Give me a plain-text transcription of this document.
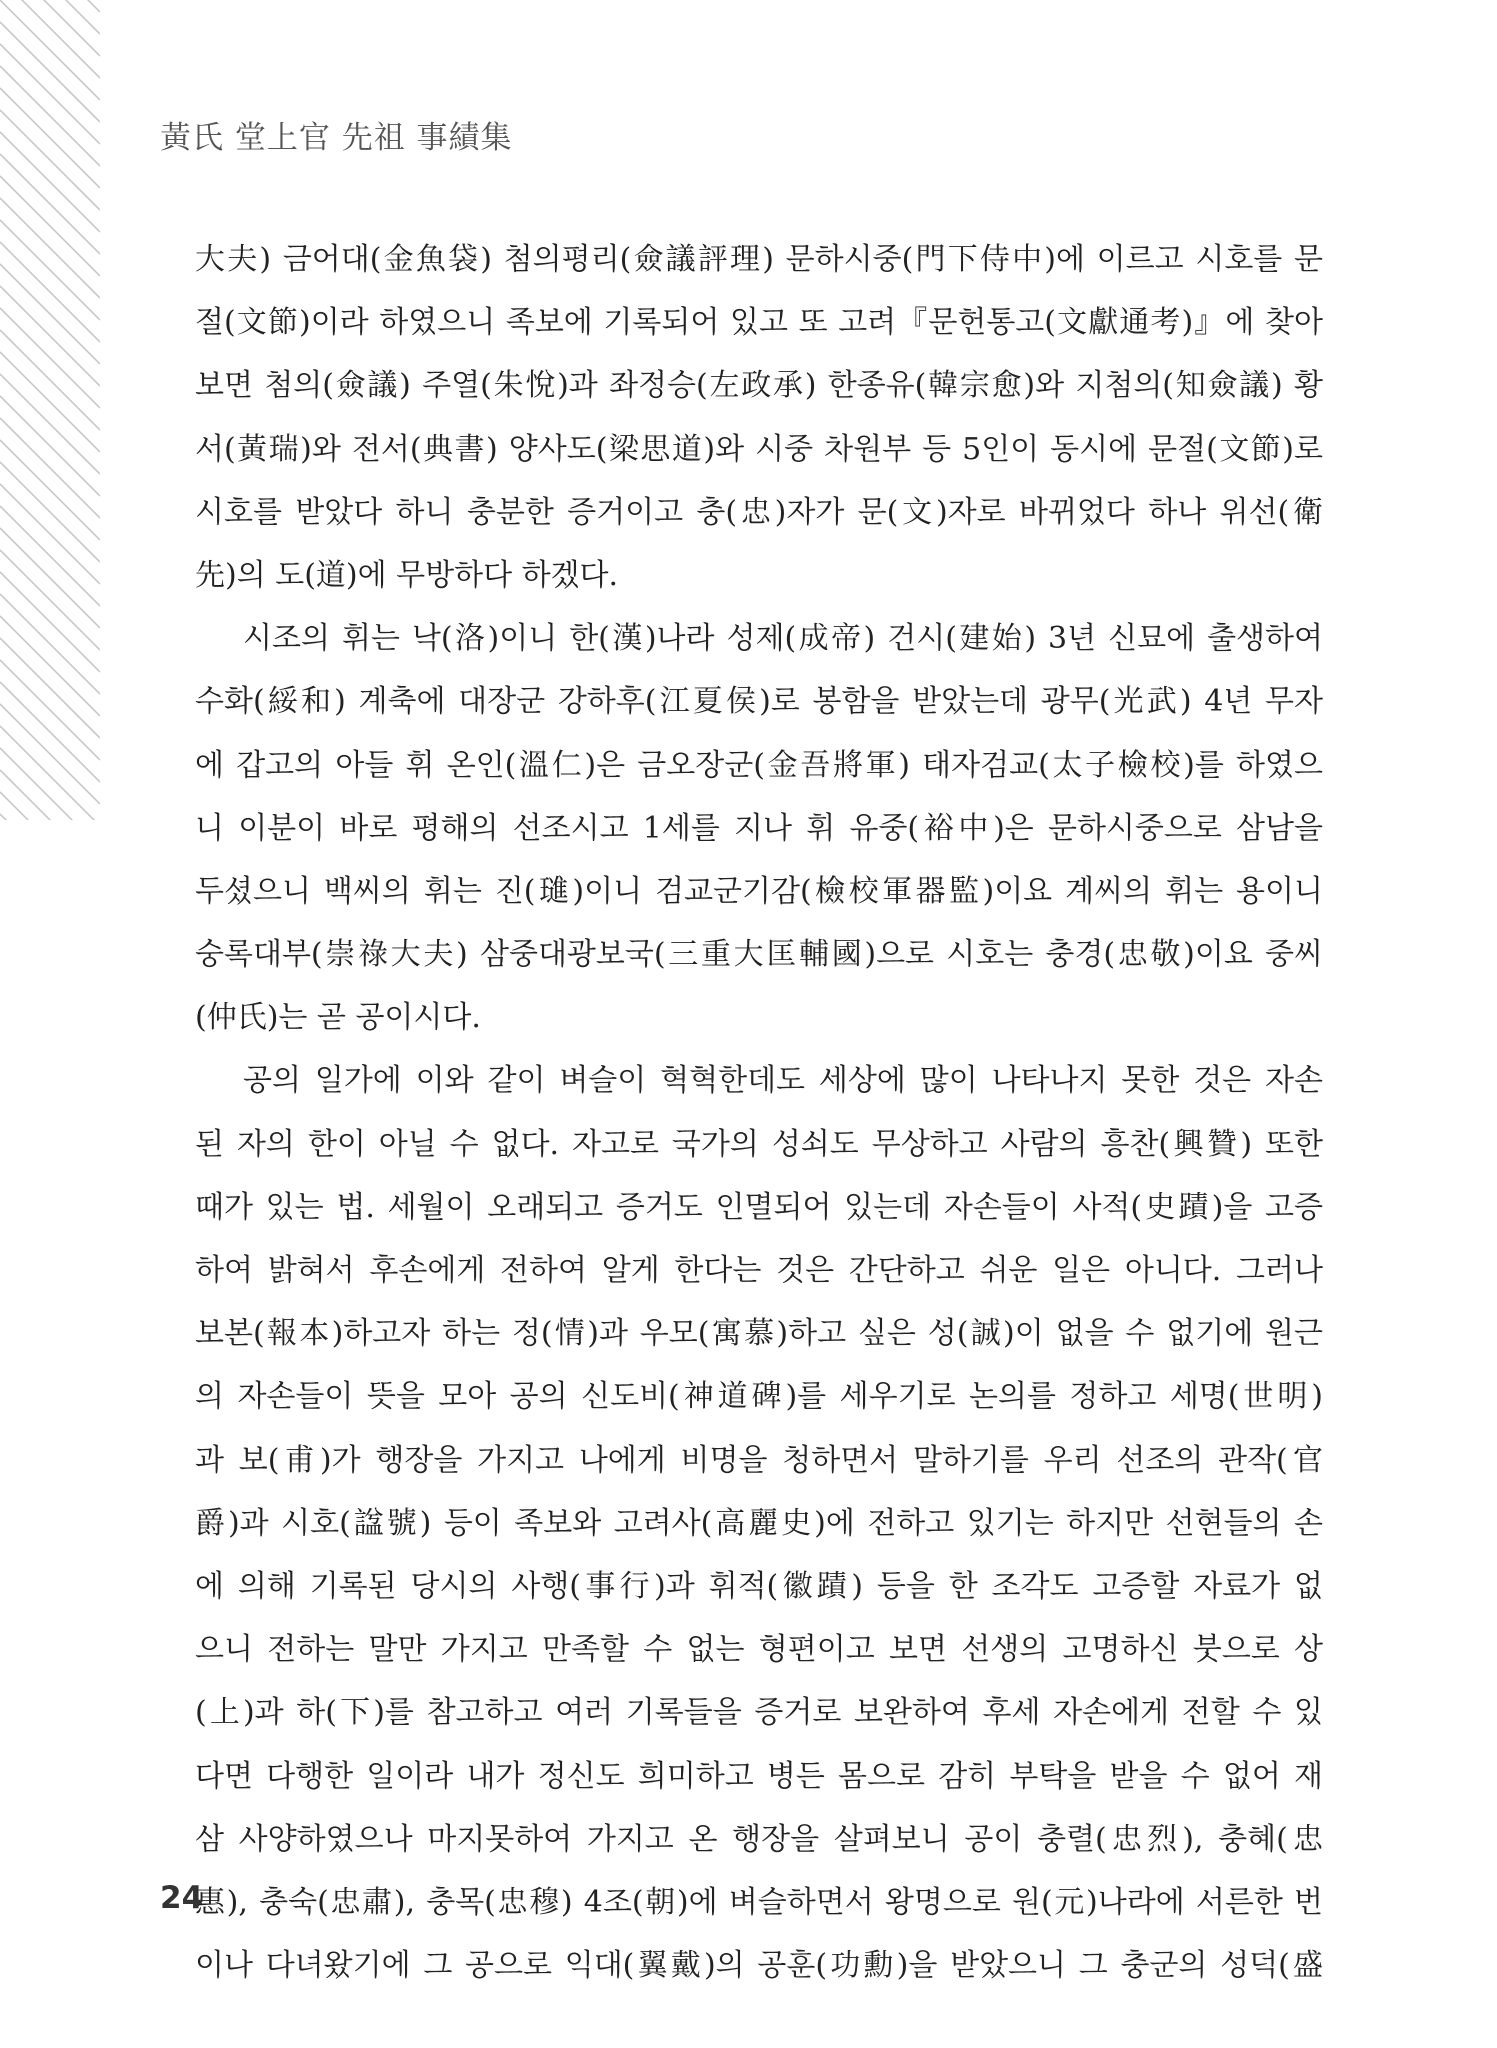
黃氏 堂上官 先祖 事績集
大夫) 금어대(金魚袋) 첨의평리(僉議評理) 문하시중(門下侍中)에 이르고 시호를 문
절(文節)이라 하였으니 족보에 기록되어 있고 또 고려『문헌통고(文獻通考)』에 찾아
보면 첨의(僉議) 주열(朱悅)과 좌정승(左政承) 한종유(韓宗愈)와 지첨의(知僉議) 황
서(黃瑞)와 전서(典書) 양사도(梁思道)와 시중 차원부 등 5인이 동시에 문절(文節)로
시호를 받았다 하니 충분한 증거이고 충(忠)자가 문(文)자로 바뀌었다 하나 위선(衛
先)의 도(道)에 무방하다 하겠다.
시조의 휘는 낙(洛)이니 한(漢)나라 성제(成帝) 건시(建始) 3년 신묘에 출생하여
수화(綏和) 계축에 대장군 강하후(江夏侯)로 봉함을 받았는데 광무(光武) 4년 무자
에 갑고의 아들 휘 온인(溫仁)은 금오장군(金吾將軍) 태자검교(太子檢校)를 하였으
니 이분이 바로 평해의 선조시고 1세를 지나 휘 유중(裕中)은 문하시중으로 삼남을
두셨으니 백씨의 휘는 진(璡)이니 검교군기감(檢校軍器監)이요 계씨의 휘는 용이니
숭록대부(崇祿大夫) 삼중대광보국(三重大匡輔國)으로 시호는 충경(忠敬)이요 중씨
(仲氏)는 곧 공이시다.
공의 일가에 이와 같이 벼슬이 혁혁한데도 세상에 많이 나타나지 못한 것은 자손
된 자의 한이 아닐 수 없다. 자고로 국가의 성쇠도 무상하고 사람의 흥찬(興贊) 또한
때가 있는 법. 세월이 오래되고 증거도 인멸되어 있는데 자손들이 사적(史蹟)을 고증
하여 밝혀서 후손에게 전하여 알게 한다는 것은 간단하고 쉬운 일은 아니다. 그러나
보본(報本)하고자 하는 정(情)과 우모(寓慕)하고 싶은 성(誠)이 없을 수 없기에 원근
의 자손들이 뜻을 모아 공의 신도비(神道碑)를 세우기로 논의를 정하고 세명(世明)
과 보(甫)가 행장을 가지고 나에게 비명을 청하면서 말하기를 우리 선조의 관작(官
爵)과 시호(諡號) 등이 족보와 고려사(高麗史)에 전하고 있기는 하지만 선현들의 손
에 의해 기록된 당시의 사행(事行)과 휘적(徽蹟) 등을 한 조각도 고증할 자료가 없
으니 전하는 말만 가지고 만족할 수 없는 형편이고 보면 선생의 고명하신 붓으로 상
(上)과 하(下)를 참고하고 여러 기록들을 증거로 보완하여 후세 자손에게 전할 수 있
다면 다행한 일이라 내가 정신도 희미하고 병든 몸으로 감히 부탁을 받을 수 없어 재
삼 사양하였으나 마지못하여 가지고 온 행장을 살펴보니 공이 충렬(忠烈), 충혜(忠
惠), 충숙(忠肅), 충목(忠穆) 4조(朝)에 벼슬하면서 왕명으로 원(元)나라에 서른한 번
이나 다녀왔기에 그 공으로 익대(翼戴)의 공훈(功勳)을 받았으니 그 충군의 성덕(盛
24
